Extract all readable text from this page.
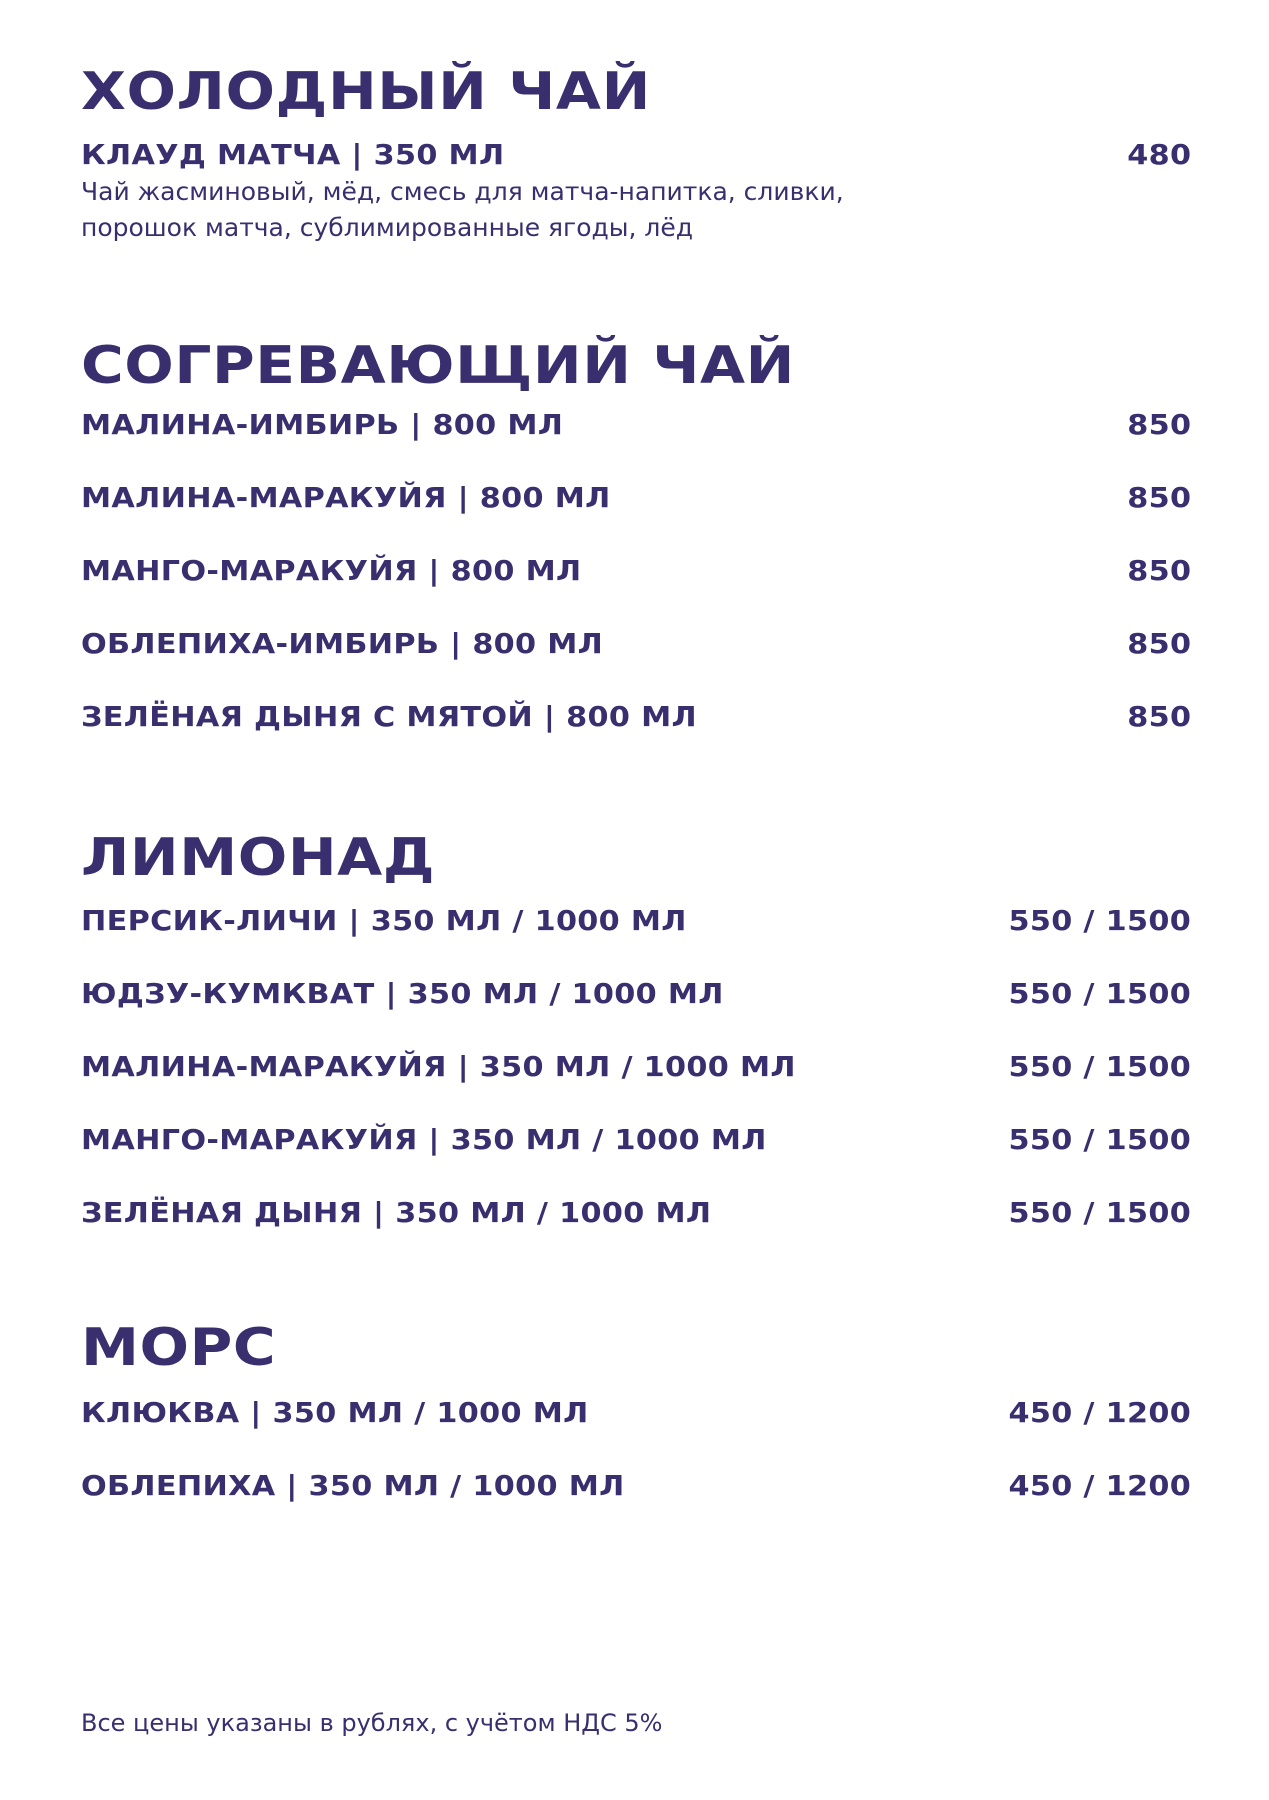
ХОЛОДНЫЙ ЧАЙ
КЛАУД МАТЧА | 350 МЛ	480
Чай жасминовый, мёд, смесь для матча-напитка, сливки,
порошок матча, сублимированные ягоды, лёд
СОГРЕВАЮЩИЙ ЧАЙ
МАЛИНА-ИМБИРЬ | 800 МЛ	850
МАЛИНА-МАРАКУЙЯ | 800 МЛ	850
МАНГО-МАРАКУЙЯ | 800 МЛ	850
ОБЛЕПИХА-ИМБИРЬ | 800 МЛ	850
ЗЕЛЁНАЯ ДЫНЯ С МЯТОЙ | 800 МЛ	850
ЛИМОНАД
ПЕРСИК-ЛИЧИ | 350 МЛ / 1000 МЛ	550 / 1500
ЮДЗУ-КУМКВАТ | 350 МЛ / 1000 МЛ	550 / 1500
МАЛИНА-МАРАКУЙЯ | 350 МЛ / 1000 МЛ	550 / 1500
МАНГО-МАРАКУЙЯ | 350 МЛ / 1000 МЛ	550 / 1500
ЗЕЛЁНАЯ ДЫНЯ | 350 МЛ / 1000 МЛ	550 / 1500
МОРС
КЛЮКВА | 350 МЛ / 1000 МЛ	450 / 1200
ОБЛЕПИХА | 350 МЛ / 1000 МЛ	450 / 1200
Все цены указаны в рублях, с учётом НДС 5%
